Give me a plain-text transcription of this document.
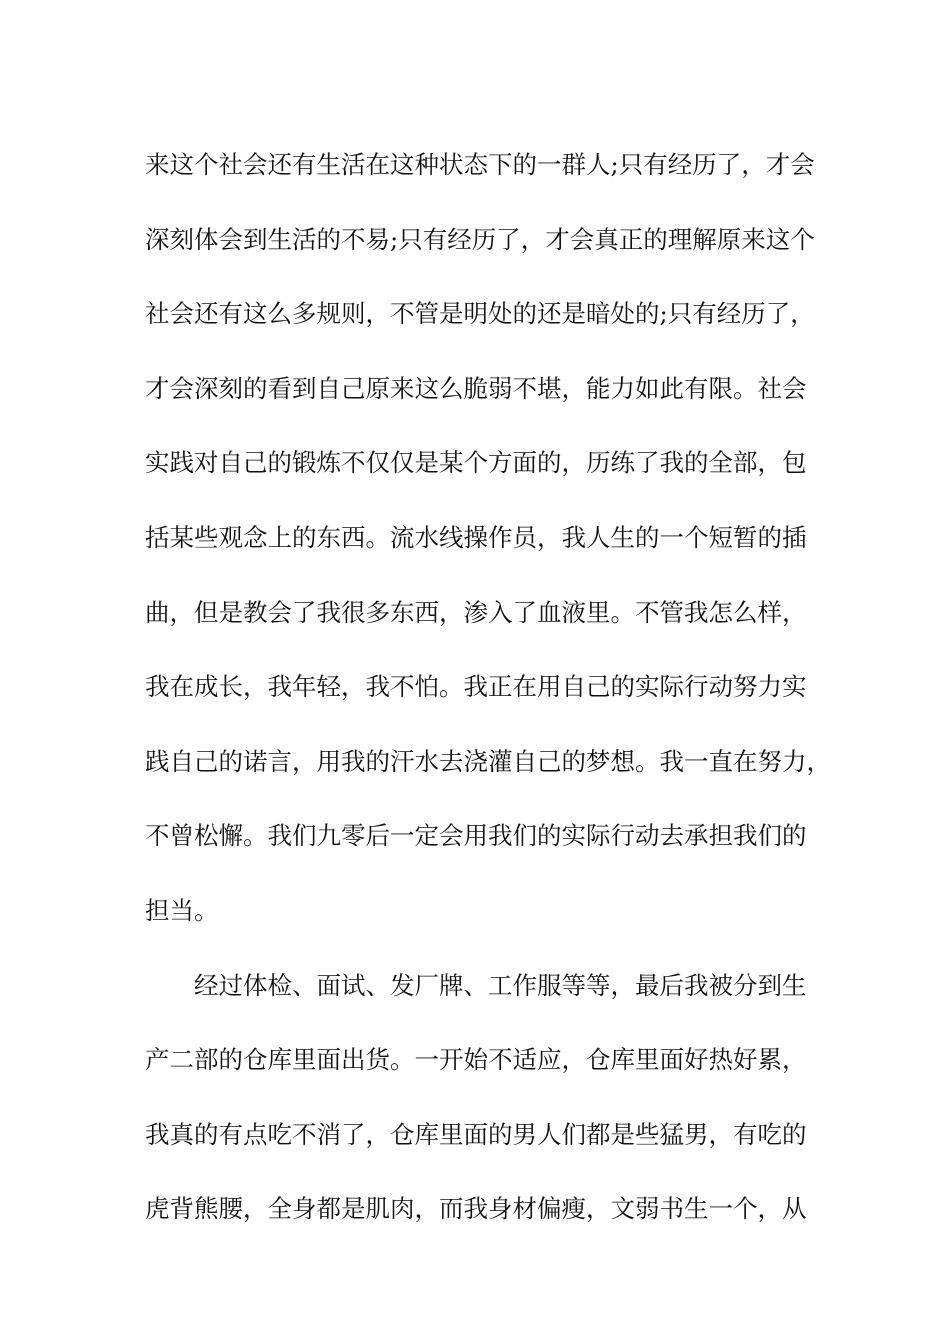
来这个社会还有生活在这种状态下的一群人;只有经历了，才会
深刻体会到生活的不易;只有经历了，才会真正的理解原来这个
社会还有这么多规则，不管是明处的还是暗处的;只有经历了，
才会深刻的看到自己原来这么脆弱不堪，能力如此有限。社会
实践对自己的锻炼不仅仅是某个方面的，历练了我的全部，包
括某些观念上的东西。流水线操作员，我人生的一个短暂的插
曲，但是教会了我很多东西，渗入了血液里。不管我怎么样，
我在成长，我年轻，我不怕。我正在用自己的实际行动努力实
践自己的诺言，用我的汗水去浇灌自己的梦想。我一直在努力，
不曾松懈。我们九零后一定会用我们的实际行动去承担我们的
担当。
经过体检、面试、发厂牌、工作服等等，最后我被分到生
产二部的仓库里面出货。一开始不适应，仓库里面好热好累，
我真的有点吃不消了，仓库里面的男人们都是些猛男，有吃的
虎背熊腰，全身都是肌肉，而我身材偏瘦，文弱书生一个，从
